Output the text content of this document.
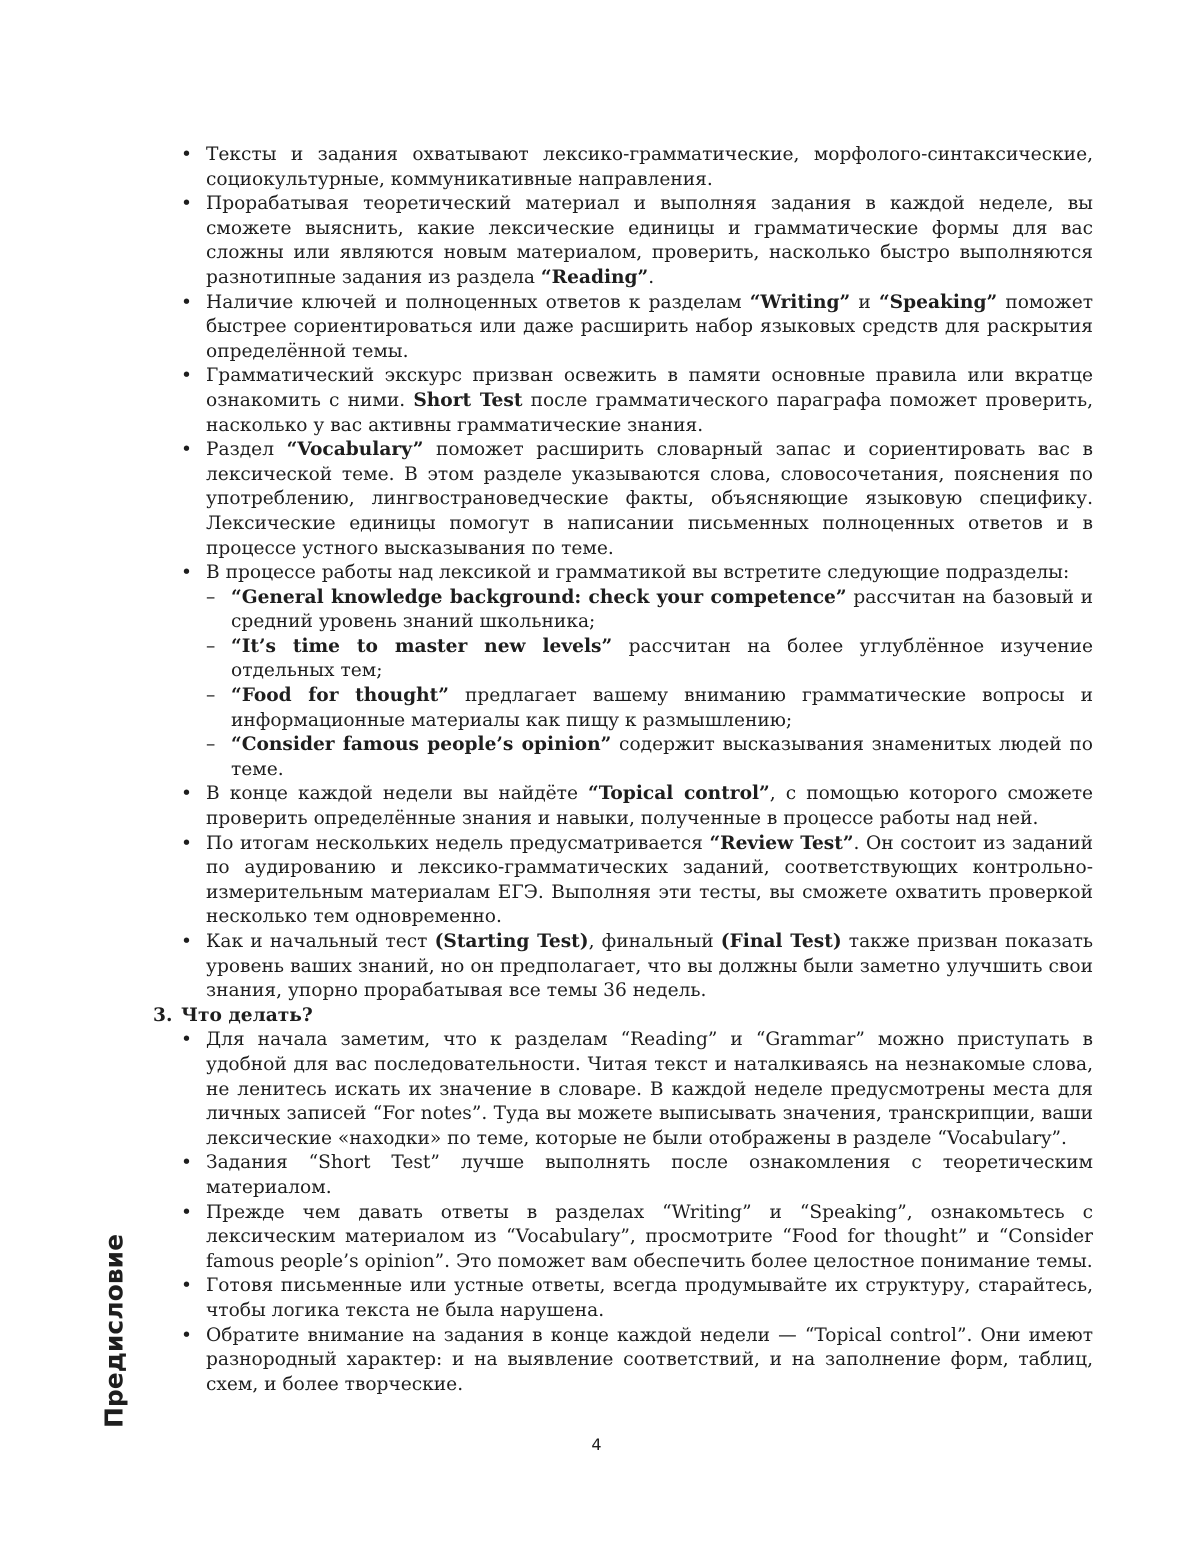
• Тексты и задания охватывают лексико-грамматические, морфолого-синтаксические, социокультурные, коммуникативные направления.
• Прорабатывая теоретический материал и выполняя задания в каждой неделе, вы сможете выяснить, какие лексические единицы и грамматические формы для вас сложны или являются новым материалом, проверить, насколько быстро выполняются разнотипные задания из раздела “Reading”.
• Наличие ключей и полноценных ответов к разделам “Writing” и “Speaking” поможет быстрее сориентироваться или даже расширить набор языковых средств для раскрытия определённой темы.
• Грамматический экскурс призван освежить в памяти основные правила или вкратце ознакомить с ними. Short Test после грамматического параграфа поможет проверить, насколько у вас активны грамматические знания.
• Раздел “Vocabulary” поможет расширить словарный запас и сориентировать вас в лексической теме. В этом разделе указываются слова, словосочетания, пояснения по употреблению, лингвострановедческие факты, объясняющие языковую специфику. Лексические единицы помогут в написании письменных полноценных ответов и в процессе устного высказывания по теме.
• В процессе работы над лексикой и грамматикой вы встретите следующие подразделы:
– “General knowledge background: check your competence” рассчитан на базовый и средний уровень знаний школьника;
– “It’s time to master new levels” рассчитан на более углублённое изучение отдельных тем;
– “Food for thought” предлагает вашему вниманию грамматические вопросы и информационные материалы как пищу к размышлению;
– “Consider famous people’s opinion” содержит высказывания знаменитых людей по теме.
• В конце каждой недели вы найдёте “Topical control”, с помощью которого сможете проверить определённые знания и навыки, полученные в процессе работы над ней.
• По итогам нескольких недель предусматривается “Review Test”. Он состоит из заданий по аудированию и лексико-грамматических заданий, соответствующих контрольно-измерительным материалам ЕГЭ. Выполняя эти тесты, вы сможете охватить проверкой несколько тем одновременно.
• Как и начальный тест (Starting Test), финальный (Final Test) также призван показать уровень ваших знаний, но он предполагает, что вы должны были заметно улучшить свои знания, упорно прорабатывая все темы 36 недель.
3. Что делать?
• Для начала заметим, что к разделам “Reading” и “Grammar” можно приступать в удобной для вас последовательности. Читая текст и наталкиваясь на незнакомые слова, не ленитесь искать их значение в словаре. В каждой неделе предусмотрены места для личных записей “For notes”. Туда вы можете выписывать значения, транскрипции, ваши лексические «находки» по теме, которые не были отображены в разделе “Vocabulary”.
• Задания “Short Test” лучше выполнять после ознакомления с теоретическим материалом.
• Прежде чем давать ответы в разделах “Writing” и “Speaking”, ознакомьтесь с лексическим материалом из “Vocabulary”, просмотрите “Food for thought” и “Consider famous people’s opinion”. Это поможет вам обеспечить более целостное понимание темы.
• Готовя письменные или устные ответы, всегда продумывайте их структуру, старайтесь, чтобы логика текста не была нарушена.
• Обратите внимание на задания в конце каждой недели — “Topical control”. Они имеют разнородный характер: и на выявление соответствий, и на заполнение форм, таблиц, схем, и более творческие.
Предисловие
4
